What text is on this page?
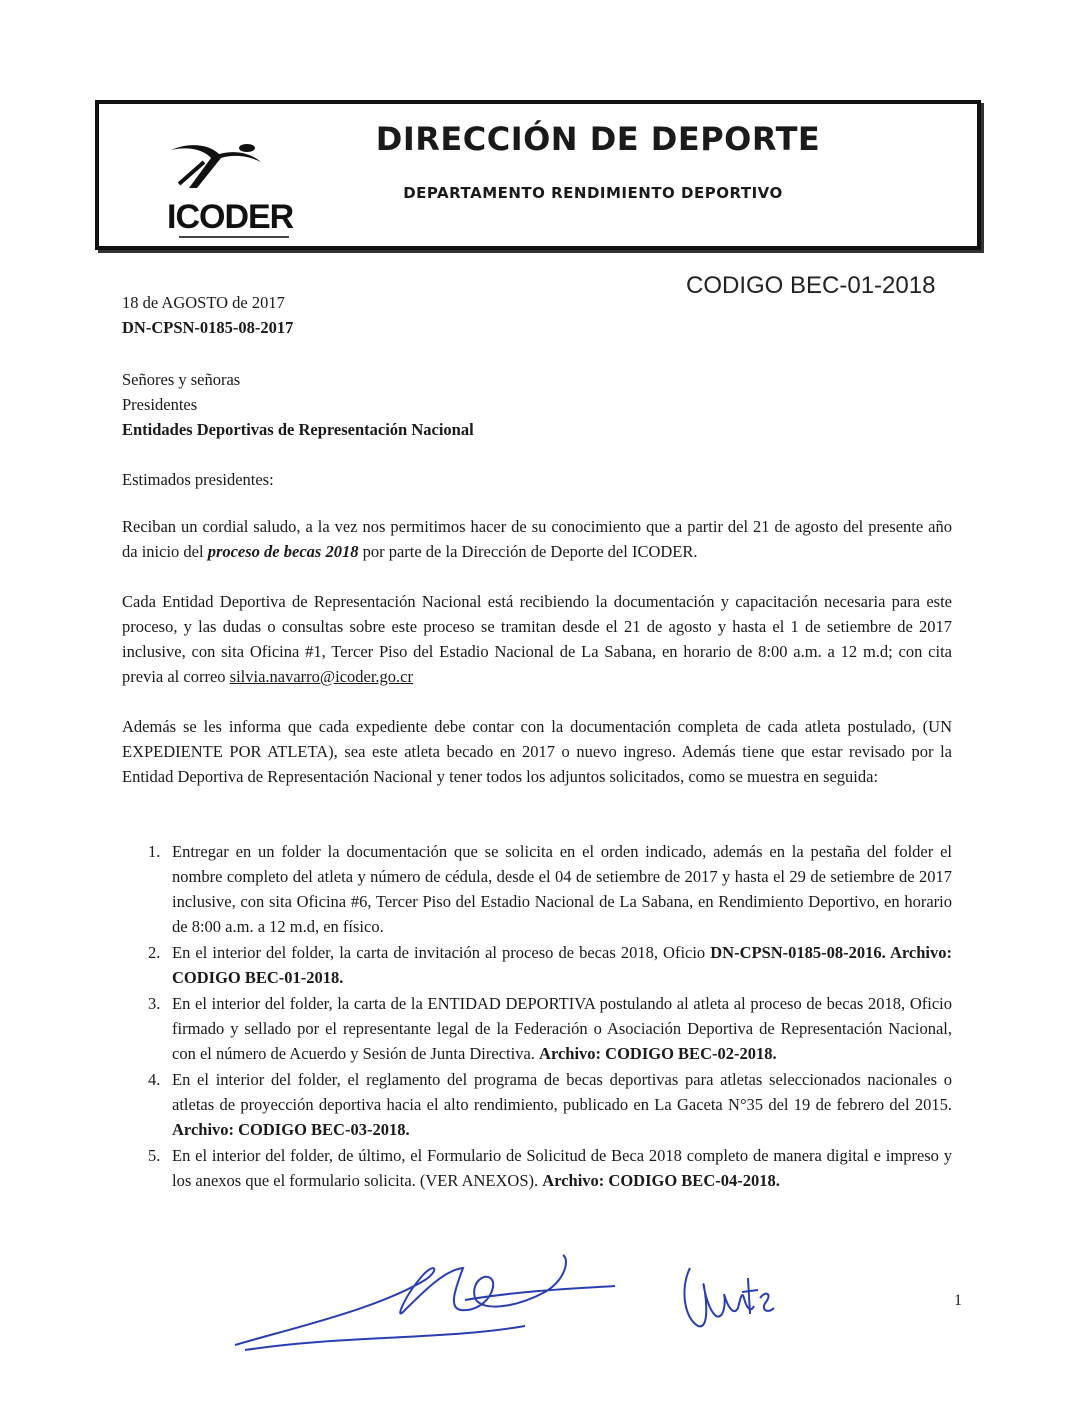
ICODER
DIRECCIÓN DE DEPORTE
DEPARTAMENTO RENDIMIENTO DEPORTIVO
CODIGO BEC-01-2018
18 de AGOSTO de 2017
DN-CPSN-0185-08-2017
Señores y señoras
Presidentes
Entidades Deportivas de Representación Nacional
Estimados presidentes:
Reciban un cordial saludo, a la vez nos permitimos hacer de su conocimiento que a partir del 21 de agosto del presente año da inicio del proceso de becas 2018 por parte de la Dirección de Deporte del ICODER.
Cada Entidad Deportiva de Representación Nacional está recibiendo la documentación y capacitación necesaria para este proceso, y las dudas o consultas sobre este proceso se tramitan desde el 21 de agosto y hasta el 1 de setiembre de 2017 inclusive, con sita Oficina #1, Tercer Piso del Estadio Nacional de La Sabana, en horario de 8:00 a.m. a 12 m.d; con cita previa al correo silvia.navarro@icoder.go.cr
Además se les informa que cada expediente debe contar con la documentación completa de cada atleta postulado, (UN EXPEDIENTE POR ATLETA), sea este atleta becado en 2017 o nuevo ingreso. Además tiene que estar revisado por la Entidad Deportiva de Representación Nacional y tener todos los adjuntos solicitados, como se muestra en seguida:
1. Entregar en un folder la documentación que se solicita en el orden indicado, además en la pestaña del folder el nombre completo del atleta y número de cédula, desde el 04 de setiembre de 2017 y hasta el 29 de setiembre de 2017 inclusive, con sita Oficina #6, Tercer Piso del Estadio Nacional de La Sabana, en Rendimiento Deportivo, en horario de 8:00 a.m. a 12 m.d, en físico.
2. En el interior del folder, la carta de invitación al proceso de becas 2018, Oficio DN-CPSN-0185-08-2016. Archivo: CODIGO BEC-01-2018.
3. En el interior del folder, la carta de la ENTIDAD DEPORTIVA postulando al atleta al proceso de becas 2018, Oficio firmado y sellado por el representante legal de la Federación o Asociación Deportiva de Representación Nacional, con el número de Acuerdo y Sesión de Junta Directiva. Archivo: CODIGO BEC-02-2018.
4. En el interior del folder, el reglamento del programa de becas deportivas para atletas seleccionados nacionales o atletas de proyección deportiva hacia el alto rendimiento, publicado en La Gaceta N°35 del 19 de febrero del 2015. Archivo: CODIGO BEC-03-2018.
5. En el interior del folder, de último, el Formulario de Solicitud de Beca 2018 completo de manera digital e impreso y los anexos que el formulario solicita. (VER ANEXOS). Archivo: CODIGO BEC-04-2018.
1
